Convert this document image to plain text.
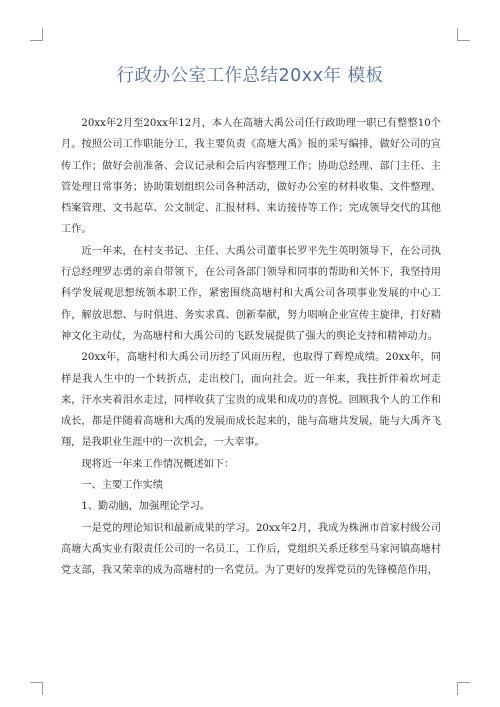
行政办公室工作总结20xx年 模板

20xx年2月至20xx年12月，本人在高塘大禹公司任行政助理一职已有整整10个月。按照公司工作职能分工，我主要负责《高塘大禹》报的采写编排，做好公司的宣传工作；做好会前准备、会议记录和会后内容整理工作；协助总经理、部门主任、主管处理日常事务；协助策划组织公司各种活动，做好办公室的材料收集、文件整理、档案管理、文书起草、公文制定、汇报材料、来访接待等工作；完成领导交代的其他工作。

近一年来，在村支书记、主任、大禹公司董事长罗平先生英明领导下，在公司执行总经理罗志勇的亲自带领下，在公司各部门领导和同事的帮助和关怀下，我坚持用科学发展观思想统领本职工作，紧密围绕高塘村和大禹公司各项事业发展的中心工作，解放思想、与时俱进、务实求真、创新奉献，努力唱响企业宣传主旋律，打好精神文化主动仗，为高塘村和大禹公司的飞跃发展提供了强大的舆论支持和精神动力。

20xx年，高塘村和大禹公司历经了风雨历程，也取得了辉煌成绩。20xx年，同样是我人生中的一个转折点，走出校门，面向社会。近一年来，我拄折伴着坎坷走来，汗水夹着泪水走过，同样收获了宝贵的成果和成功的喜悦。回顾我个人的工作和成长，都是伴随着高塘和大禹的发展而成长起来的，能与高塘共发展，能与大禹齐飞翔，是我职业生涯中的一次机会，一大幸事。

现将近一年来工作情况概述如下：

一、主要工作实绩

1、勤动脑，加强理论学习。

一是党的理论知识和最新成果的学习。20xx年2月，我成为株洲市首家村级公司高塘大禹实业有限责任公司的一名员工，工作后，党组织关系迁移至马家河镇高塘村党支部，我又荣幸的成为高塘村的一名党员。为了更好的发挥党员的先锋模范作用，
